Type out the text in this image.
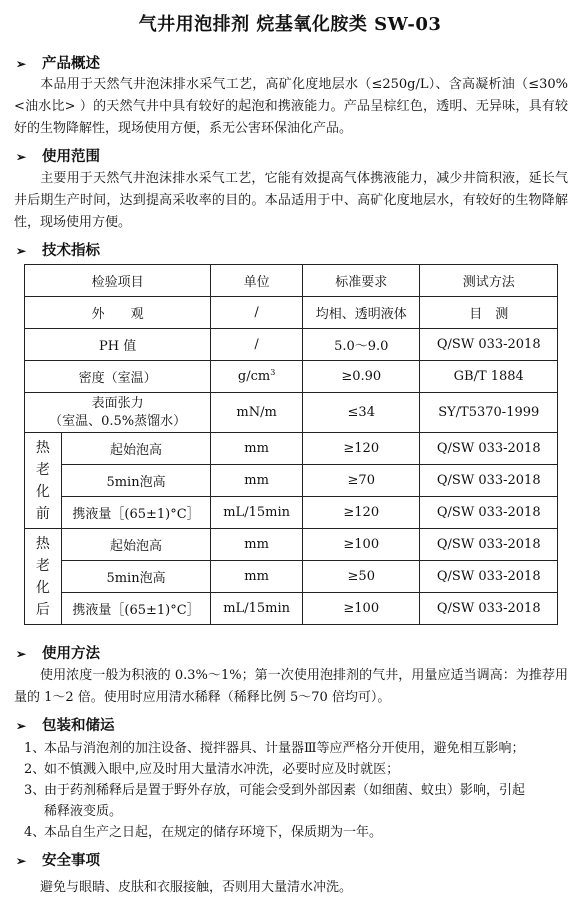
气井用泡排剂 烷基氧化胺类 SW-03
➢ 产品概述
本品用于天然气井泡沫排水采气工艺，高矿化度地层水（≤250g/L）、含高凝析油（≤30%<油水比> ）的天然气井中具有较好的起泡和携液能力。产品呈棕红色，透明、无异味，具有较好的生物降解性，现场使用方便，系无公害环保油化产品。
➢ 使用范围
主要用于天然气井泡沫排水采气工艺，它能有效提高气体携液能力，减少井筒积液，延长气井后期生产时间，达到提高采收率的目的。本品适用于中、高矿化度地层水，有较好的生物降解性，现场使用方便。
➢ 技术指标
检验项目		单位	标准要求	测试方法
外　　观		/	均相、透明液体	目　测
PH 值		/	5.0～9.0	Q/SW 033-2018
密度（室温）		$g/cm^3$	≥0.90	GB/T 1884
表面张力
（室温、0.5%蒸馏水）		mN/m	≤34	SY/T5370-1999
热
老
化
前	起始泡高	mm	≥120	Q/SW 033-2018
	5min泡高	mm	≥70	Q/SW 033-2018
	携液量［(65±1)°C］	mL/15min	≥120	Q/SW 033-2018
热
老
化
后	起始泡高	mm	≥100	Q/SW 033-2018
	5min泡高	mm	≥50	Q/SW 033-2018
	携液量［(65±1)°C］	mL/15min	≥100	Q/SW 033-2018
➢ 使用方法
使用浓度一般为积液的 0.3%～1%；第一次使用泡排剂的气井，用量应适当调高：为推荐用量的 1～2 倍。使用时应用清水稀释（稀释比例 5～70 倍均可）。
➢ 包装和储运
1、本品与消泡剂的加注设备、搅拌器具、计量器Ⅲ等应严格分开使用，避免相互影响；
2、如不慎溅入眼中,应及时用大量清水冲洗，必要时应及时就医；
3、由于药剂稀释后是置于野外存放，可能会受到外部因素（如细菌、蚊虫）影响，引起
稀释液变质。
4、本品自生产之日起，在规定的储存环境下，保质期为一年。
➢ 安全事项
避免与眼睛、皮肤和衣服接触，否则用大量清水冲洗。
